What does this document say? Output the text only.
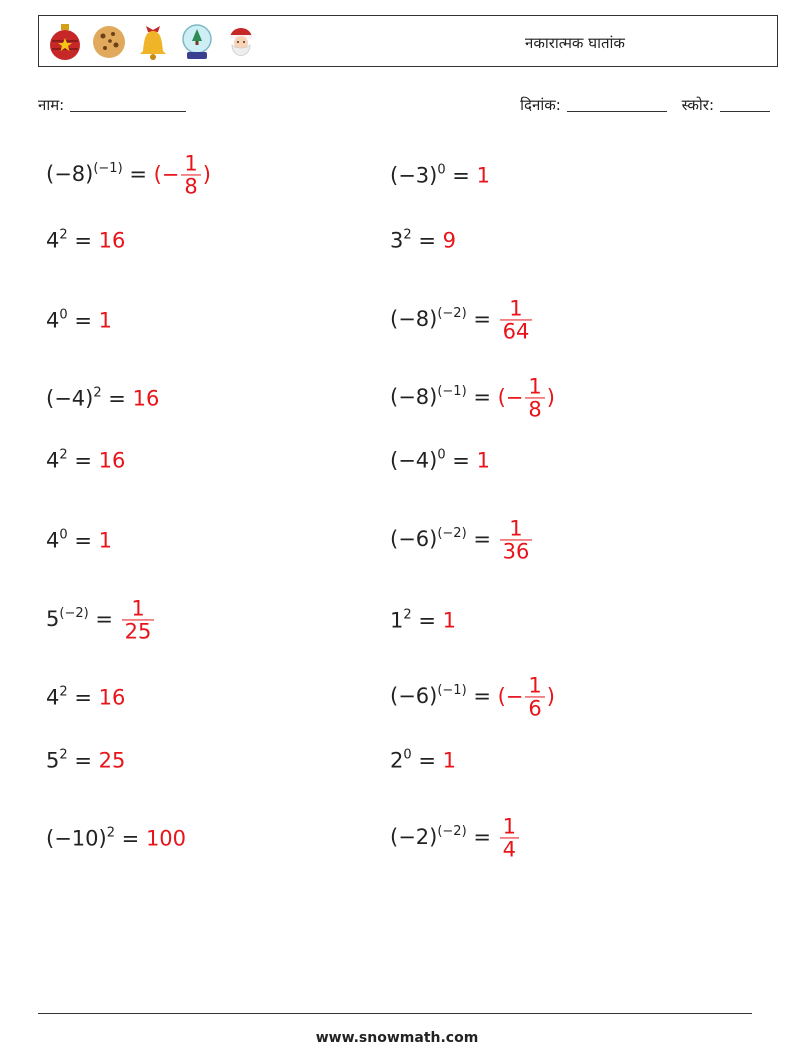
नकारात्मक घातांक
नाम:	दिनांक:	स्कोर:
$(-8)^{(-1)}$ = (− $\frac{1}{8}$ )
$4^2 = 16$
$4^0 = 1$
$(-4)^2 = 16$
$4^2 = 16$
$4^0 = 1$
$5^{(-2)} = \frac{1}{25}$
$4^2 = 16$
$5^2 = 25$
$(-10)^2 = 100$
$(-3)^0 = 1$
$3^2 = 9$
$(-8)^{(-2)} = \frac{1}{64}$
$(-8)^{(-1)}$ = (− $\frac{1}{8}$ )
$(-4)^0 = 1$
$(-6)^{(-2)} = \frac{1}{36}$
$1^2 = 1$
$(-6)^{(-1)}$ = (− $\frac{1}{6}$ )
$2^0 = 1$
$(-2)^{(-2)} = \frac{1}{4}$
www.snowmath.com
